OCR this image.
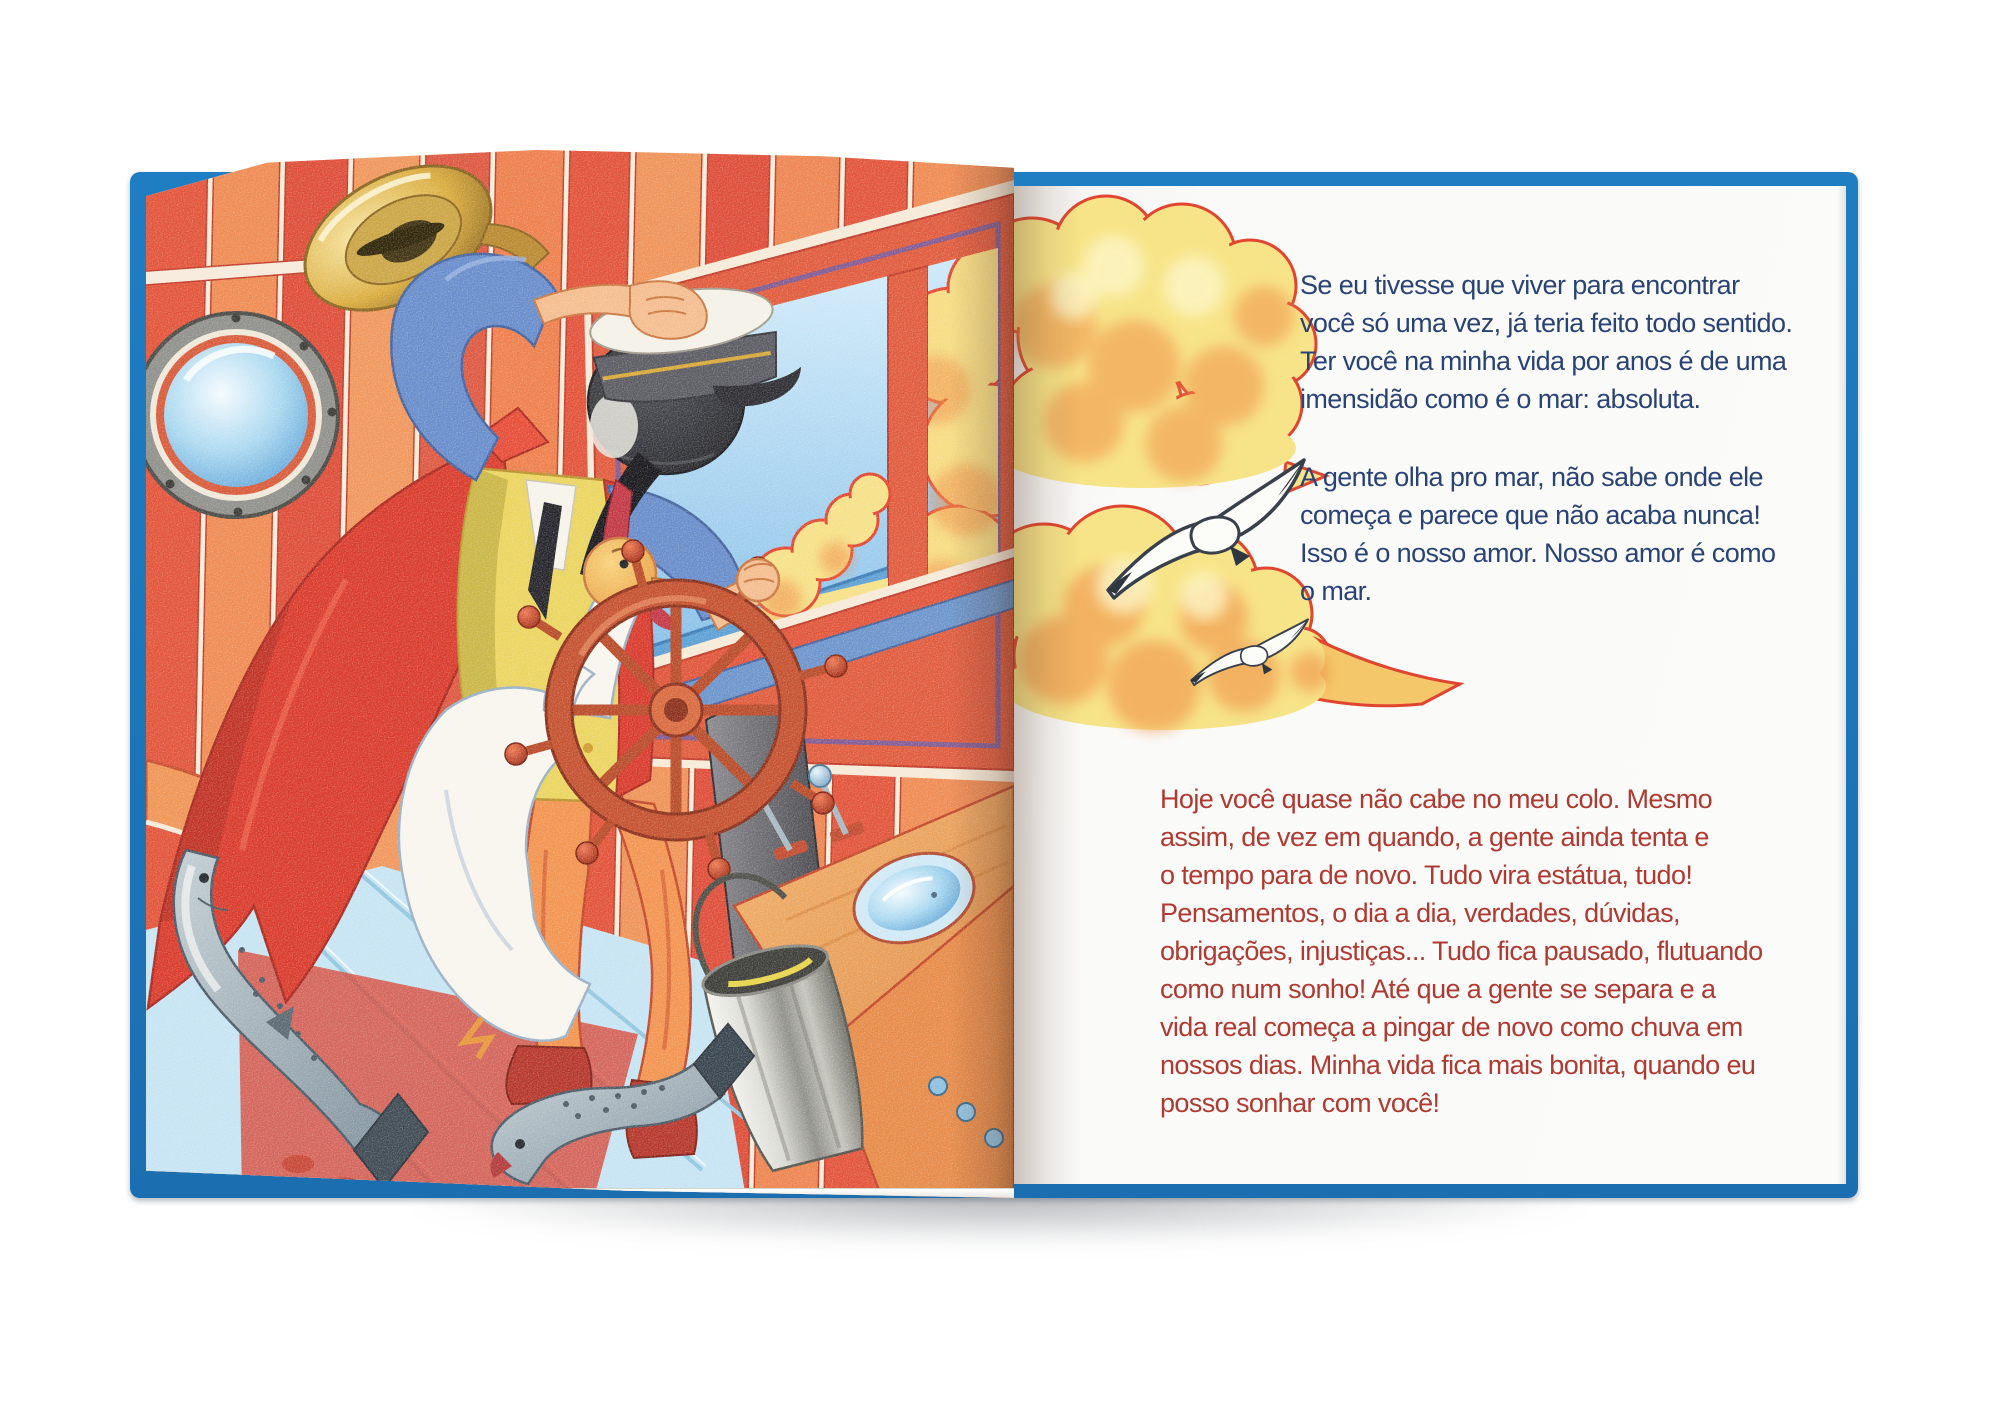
Se eu tivesse que viver para encontrar
você só uma vez, já teria feito todo sentido.
Ter você na minha vida por anos é de uma
imensidão como é o mar: absoluta.
A gente olha pro mar, não sabe onde ele
começa e parece que não acaba nunca!
Isso é o nosso amor. Nosso amor é como
o mar.
Hoje você quase não cabe no meu colo. Mesmo
assim, de vez em quando, a gente ainda tenta e
o tempo para de novo. Tudo vira estátua, tudo!
Pensamentos, o dia a dia, verdades, dúvidas,
obrigações, injustiças... Tudo fica pausado, flutuando
como num sonho! Até que a gente se separa e a
vida real começa a pingar de novo como chuva em
nossos dias. Minha vida fica mais bonita, quando eu
posso sonhar com você!
